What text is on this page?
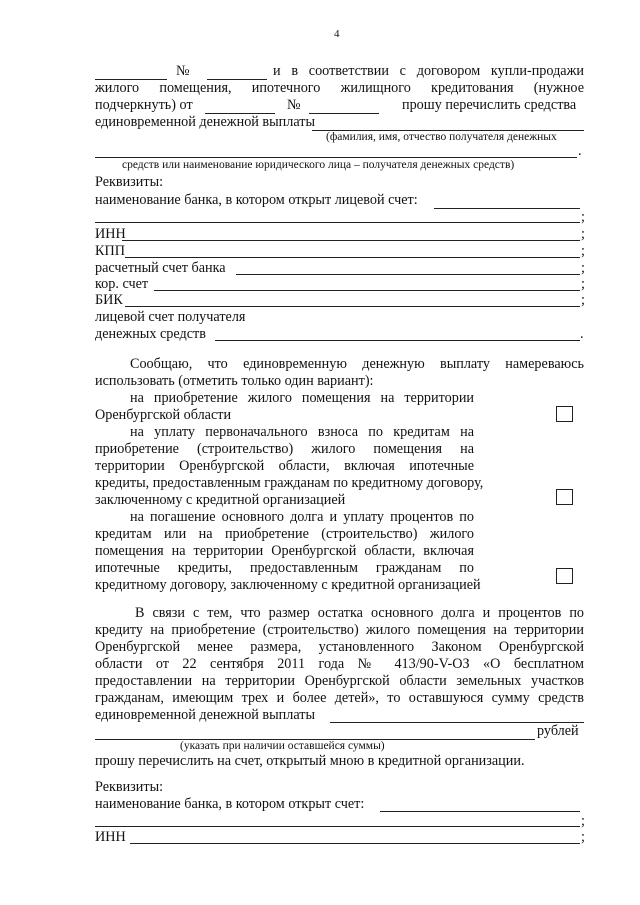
4
№	и в соответствии с договором купли-продажи
жилого помещения, ипотечного жилищного кредитования (нужное
подчеркнуть) от	№	прошу перечислить средства
единовременной денежной выплаты
(фамилия, имя, отчество получателя денежных
.
средств или наименование юридического лица – получателя денежных средств)
Реквизиты:
наименование банка, в котором открыт лицевой счет:
;
ИНН	;
КПП	;
расчетный счет банка	;
кор. счет	;
БИК	;
лицевой счет получателя
денежных средств	.
Сообщаю, что единовременную денежную выплату намереваюсь
использовать (отметить только один вариант):
на приобретение жилого помещения на территории
Оренбургской области
на уплату первоначального взноса по кредитам на
приобретение (строительство) жилого помещения на
территории Оренбургской области, включая ипотечные
кредиты, предоставленным гражданам по кредитному договору,
заключенному с кредитной организацией
на погашение основного долга и уплату процентов по
кредитам или на приобретение (строительство) жилого
помещения на территории Оренбургской области, включая
ипотечные кредиты, предоставленным гражданам по
кредитному договору, заключенному с кредитной организацией
В связи с тем, что размер остатка основного долга и процентов по
кредиту на приобретение (строительство) жилого помещения на территории
Оренбургской менее размера, установленного Законом Оренбургской
области от 22 сентября 2011 года № 413/90-V-ОЗ «О бесплатном
предоставлении на территории Оренбургской области земельных участков
гражданам, имеющим трех и более детей», то оставшуюся сумму средств
единовременной денежной выплаты
рублей
(указать при наличии оставшейся суммы)
прошу перечислить на счет, открытый мною в кредитной организации.
Реквизиты:
наименование банка, в котором открыт счет:
;
ИНН	;
